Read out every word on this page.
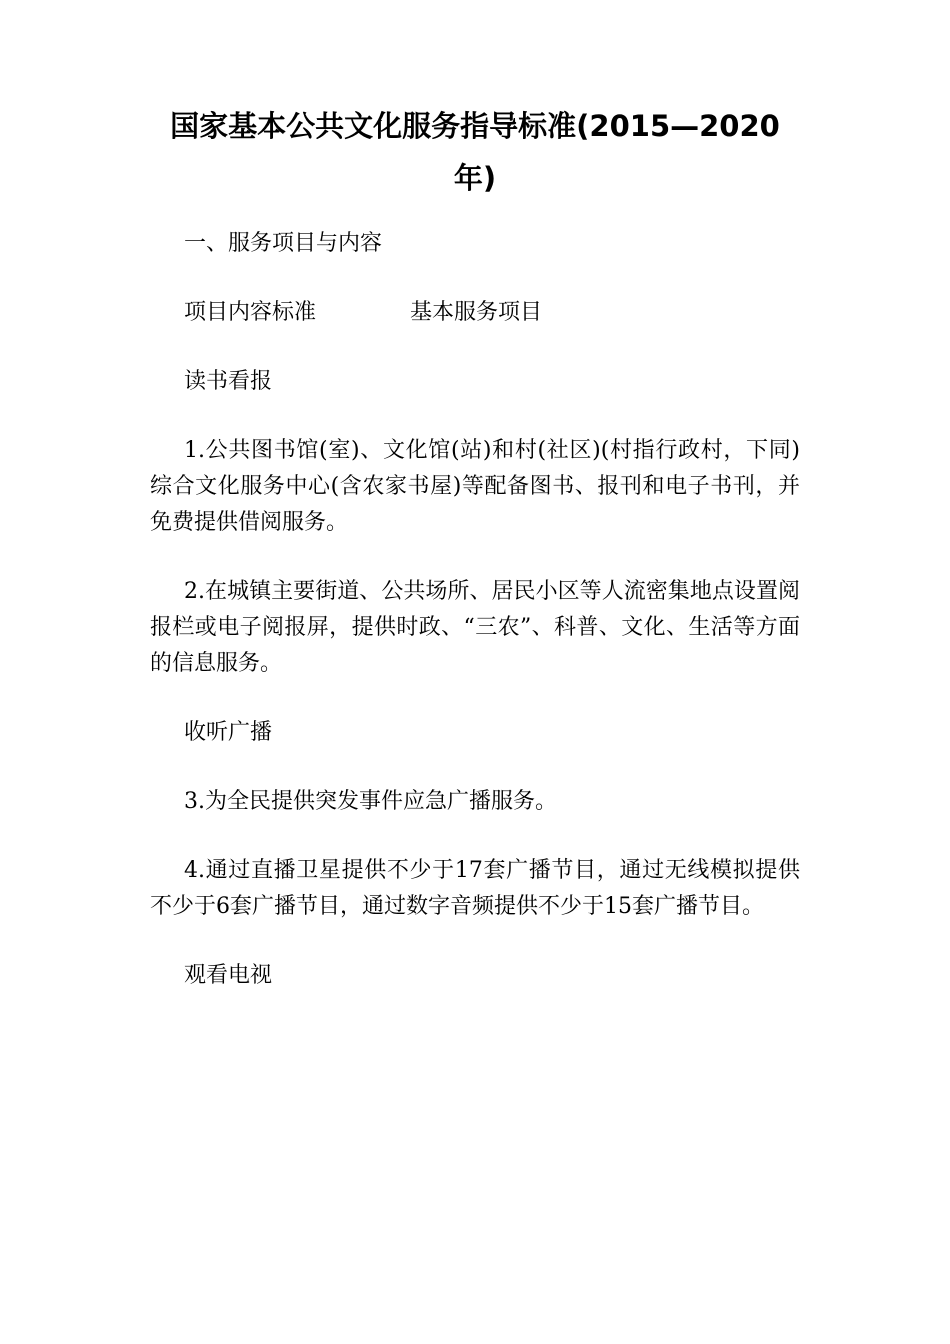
国家基本公共文化服务指导标准(2015—2020
年)

一、服务项目与内容

项目内容标准	基本服务项目

读书看报

1.公共图书馆(室)、文化馆(站)和村(社区)(村指行政村，下同)综合文化服务中心(含农家书屋)等配备图书、报刊和电子书刊，并免费提供借阅服务。

2.在城镇主要街道、公共场所、居民小区等人流密集地点设置阅报栏或电子阅报屏，提供时政、“三农”、科普、文化、生活等方面的信息服务。

收听广播

3.为全民提供突发事件应急广播服务。

4.通过直播卫星提供不少于17套广播节目，通过无线模拟提供不少于6套广播节目，通过数字音频提供不少于15套广播节目。

观看电视
